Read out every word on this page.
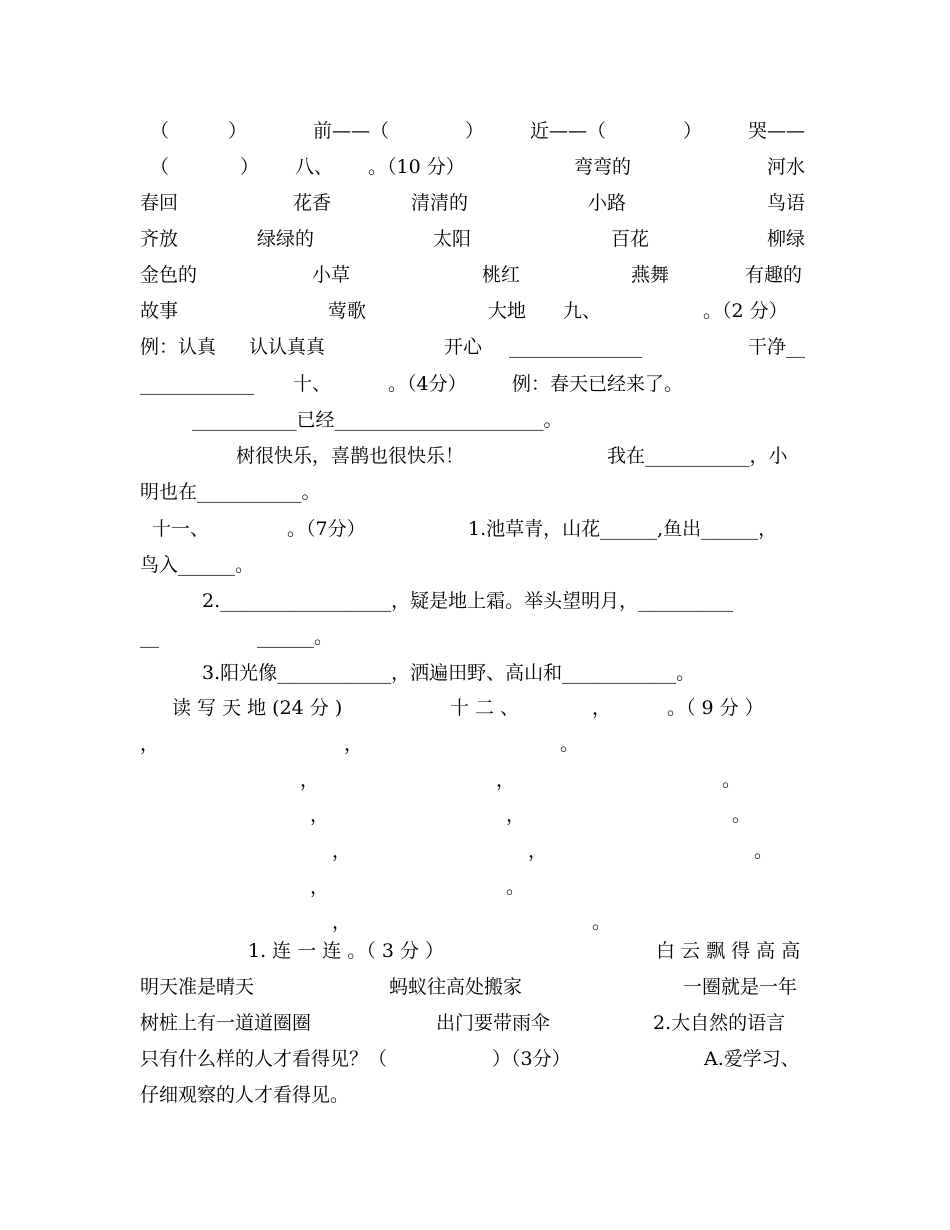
（	）	前——（	） 近——（	） 哭——
（	） 八、 。（10 分）	弯弯的	河水
春回	花香	清清的	小路	鸟语
齐放	绿绿的	太阳	百花	柳绿
金色的	小草	桃红	燕舞	有趣的
故事	莺歌	大地 九、	。（2 分）
例：认真 认认真真	开心 ______________	干净__
____________ 十、	。（4分） 例：春天已经来了。
___________已经______________________。
树很快乐，喜鹊也很快乐！	我在___________，小
明也在___________。
十一、	。（7分）	1.池草青，山花______,鱼出______，
鸟入______。
2.__________________，疑是地上霜。举头望明月，__________
__	______。
3.阳光像____________，洒遍田野、高山和____________。
读 写 天 地 (24 分 )	十 二 、	，	。（ 9 分 ）
，	，	。
，	，	。
，	，	。
，	，	。
，	。
，	。
1. 连 一 连 。（ 3 分 ）	白 云 飘 得 高 高
明天准是晴天	蚂蚁往高处搬家	一圈就是一年
树桩上有一道道圈圈	出门要带雨伞	2.大自然的语言
只有什么样的人才看得见？（	）（3分）	A.爱学习、
仔细观察的人才看得见。
